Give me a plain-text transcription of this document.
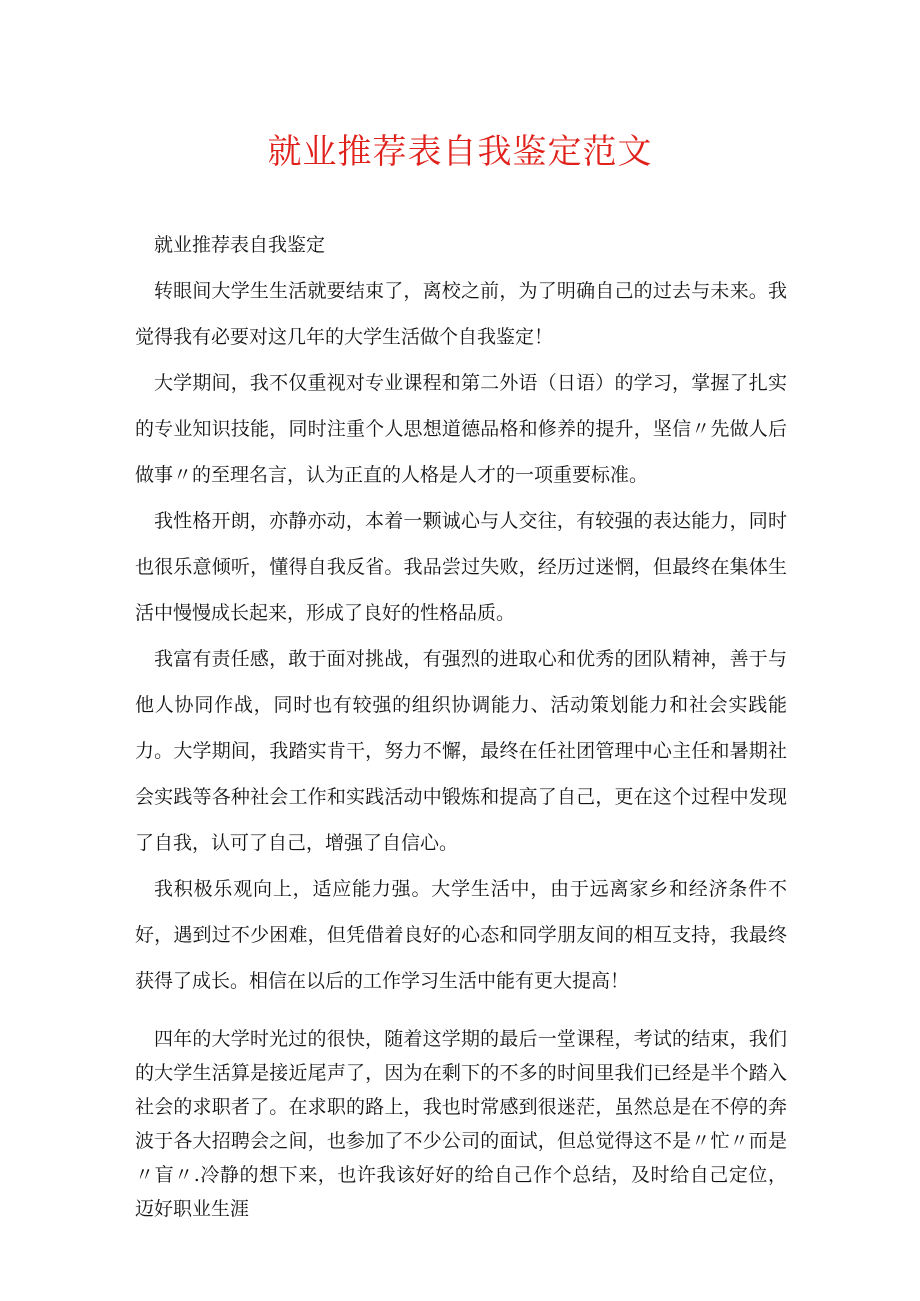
就业推荐表自我鉴定范文

就业推荐表自我鉴定

转眼间大学生生活就要结束了，离校之前，为了明确自己的过去与未来。我觉得我有必要对这几年的大学生活做个自我鉴定！

大学期间，我不仅重视对专业课程和第二外语（日语）的学习，掌握了扎实的专业知识技能，同时注重个人思想道德品格和修养的提升，坚信〃先做人后做事〃的至理名言，认为正直的人格是人才的一项重要标准。

我性格开朗，亦静亦动，本着一颗诚心与人交往，有较强的表达能力，同时也很乐意倾听，懂得自我反省。我品尝过失败，经历过迷惘，但最终在集体生活中慢慢成长起来，形成了良好的性格品质。

我富有责任感，敢于面对挑战，有强烈的进取心和优秀的团队精神，善于与他人协同作战，同时也有较强的组织协调能力、活动策划能力和社会实践能力。大学期间，我踏实肯干，努力不懈，最终在任社团管理中心主任和暑期社会实践等各种社会工作和实践活动中锻炼和提高了自己，更在这个过程中发现了自我，认可了自己，增强了自信心。

我积极乐观向上，适应能力强。大学生活中，由于远离家乡和经济条件不好，遇到过不少困难，但凭借着良好的心态和同学朋友间的相互支持，我最终获得了成长。相信在以后的工作学习生活中能有更大提高！

四年的大学时光过的很快，随着这学期的最后一堂课程，考试的结束，我们的大学生活算是接近尾声了，因为在剩下的不多的时间里我们已经是半个踏入社会的求职者了。在求职的路上，我也时常感到很迷茫，虽然总是在不停的奔波于各大招聘会之间，也参加了不少公司的面试，但总觉得这不是〃忙〃而是〃盲〃.冷静的想下来，也许我该好好的给自己作个总结，及时给自己定位，迈好职业生涯
